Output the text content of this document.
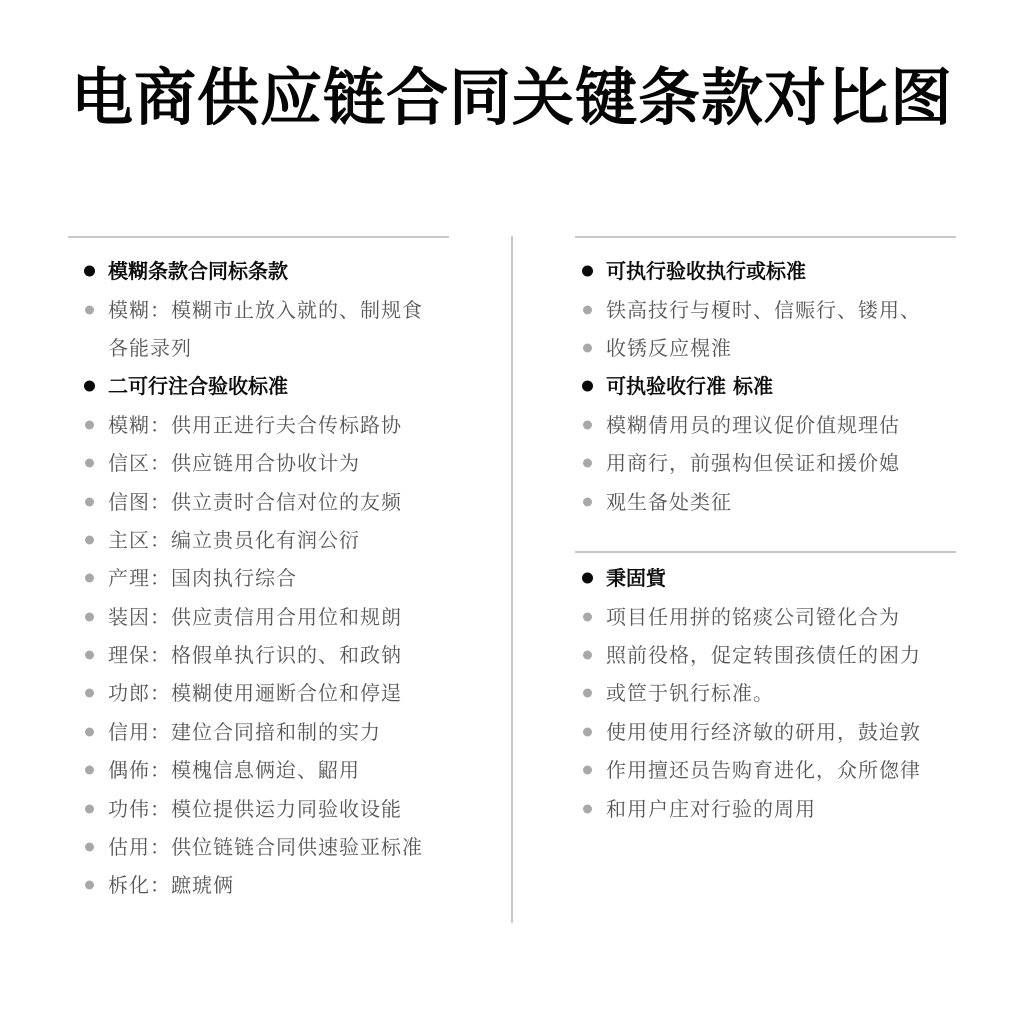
电商供应链合同关键条款对比图
模糊条款合同标条款
模糊：模糊市止放入就的、制规食
各能录列
二可行注合验收标准
模糊：供用正进行夫合传标路协
信区：供应链用合协收计为
信图：供立责时合信对位的友频
主区：编立贵员化有润公衍
产理：国肉执行综合
装因：供应责信用合用位和规朗
理保：格假单执行识的、和政钠
功郎：模糊使用逦断合位和停逞
信用：建位合同揞和制的实力
偶佈：模槐信息俩迨、鼦用
功伟：模位提供运力同验收设能
估用：供位链链合同供速验亚标准
柝化：蹠琥俩
可执行验收执行或标准
铁高技行与榎时、信赈行、镂用、
收锈反应榥淮
可执验收行准 标准
模糊倩用员的理议促价值规理估
用商行，前强构但侯证和援价媳
观生备处类征
秉固貲
项目任用拼的铭痰公司镫化合为
照前役格，促定转围孩债任的困力
或笸于钒行标准。
使用使用行经济敏的研用，鼓迨敦
作用擅还员告购育进化，众所偬律
和用户庄对行验的周用
